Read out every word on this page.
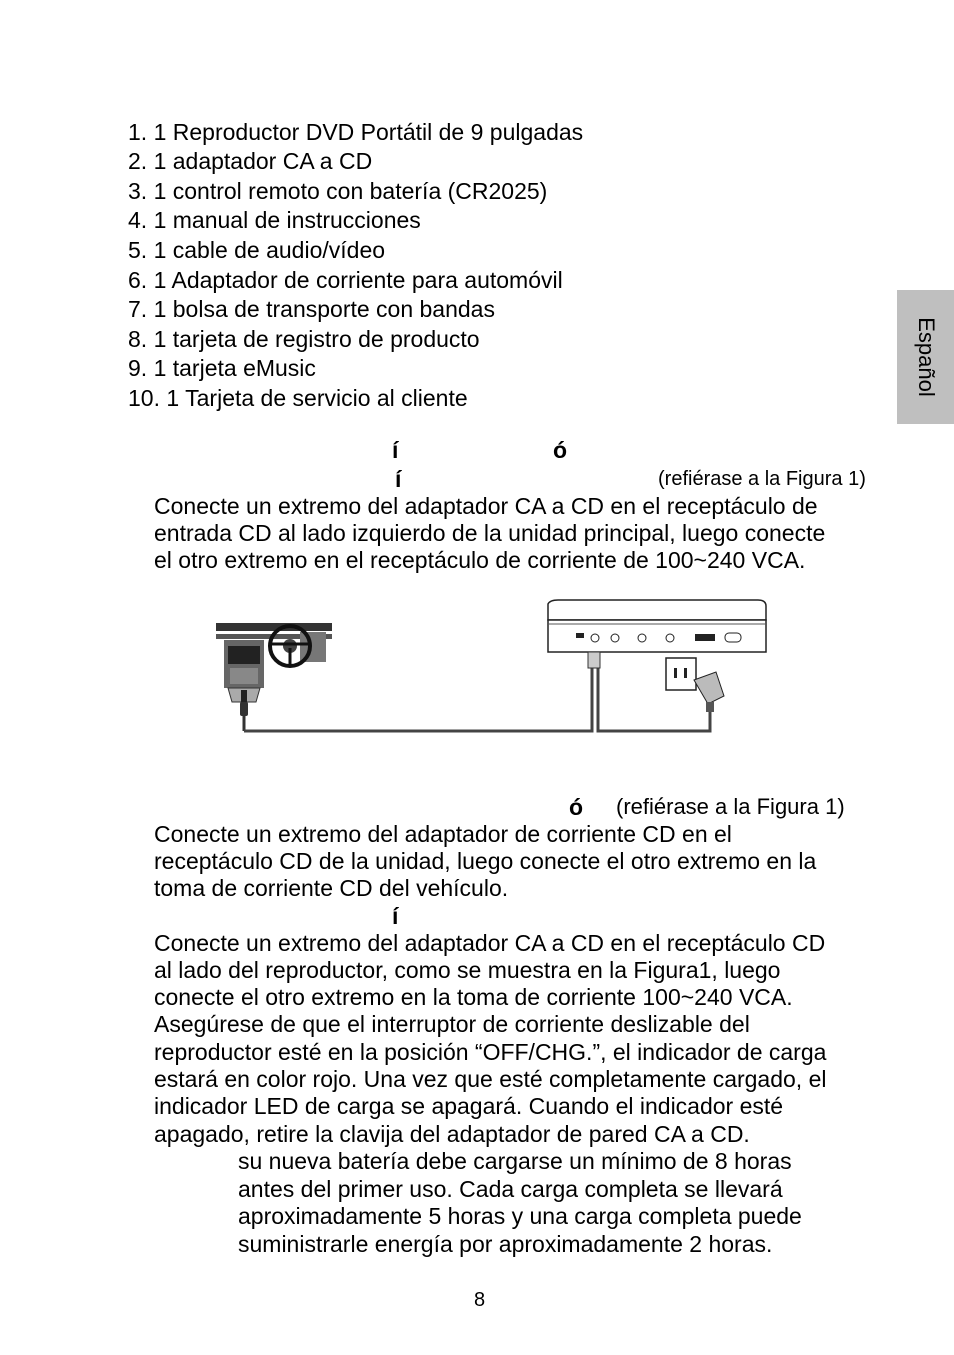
1. 1 Reproductor DVD Portátil de 9 pulgadas
2. 1 adaptador CA a CD
3. 1 control remoto con batería (CR2025)
4. 1 manual de instrucciones
5. 1 cable de audio/vídeo
6. 1 Adaptador de corriente para automóvil
7. 1 bolsa de transporte con bandas
8. 1 tarjeta de registro de producto
9. 1 tarjeta eMusic
10. 1 Tarjeta de servicio al cliente
Español
í	ó
í	(refiérase a la Figura 1)
Conecte un extremo del adaptador CA a CD en el receptáculo de
entrada CD al lado izquierdo de la unidad principal, luego conecte
el otro extremo en el receptáculo de corriente de 100~240 VCA.
ó (refiérase a la Figura 1)
Conecte un extremo del adaptador de corriente CD en el
receptáculo CD de la unidad, luego conecte el otro extremo en la
toma de corriente CD del vehículo.
í
Conecte un extremo del adaptador CA a CD en el receptáculo CD
al lado del reproductor, como se muestra en la Figura1, luego
conecte el otro extremo en la toma de corriente 100~240 VCA.
Asegúrese de que el interruptor de corriente deslizable del
reproductor esté en la posición “OFF/CHG.”, el indicador de carga
estará en color rojo. Una vez que esté completamente cargado, el
indicador LED de carga se apagará. Cuando el indicador esté
apagado, retire la clavija del adaptador de pared CA a CD.
su nueva batería debe cargarse un mínimo de 8 horas
antes del primer uso. Cada carga completa se llevará
aproximadamente 5 horas y una carga completa puede
suministrarle energía por aproximadamente 2 horas.
8
